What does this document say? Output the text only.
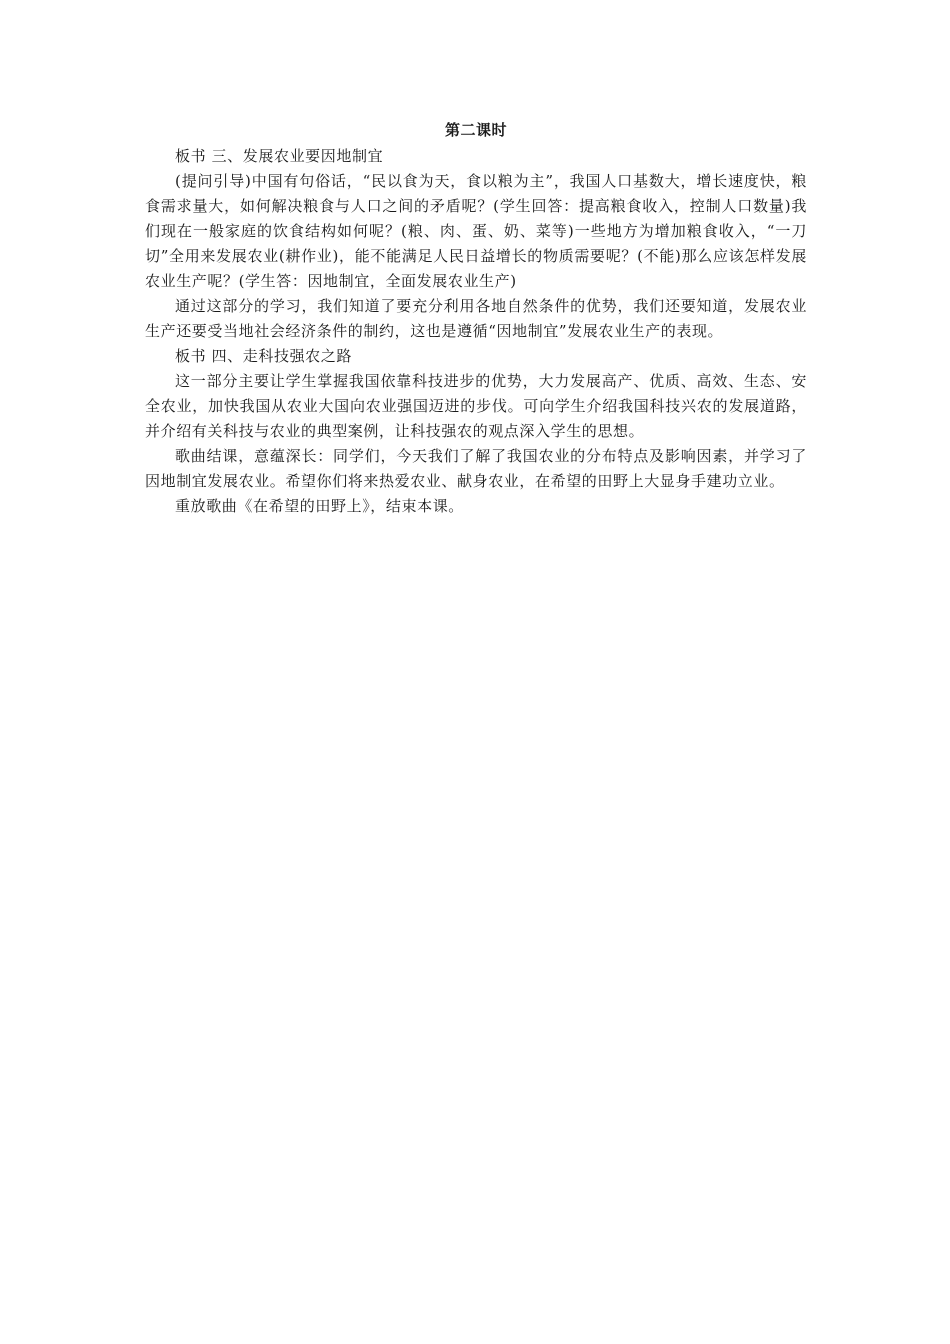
第二课时

板书 三、发展农业要因地制宜

(提问引导)中国有句俗话，“民以食为天，食以粮为主”，我国人口基数大，增长速度快，粮食需求量大，如何解决粮食与人口之间的矛盾呢？(学生回答：提高粮食收入，控制人口数量)我们现在一般家庭的饮食结构如何呢？(粮、肉、蛋、奶、菜等)一些地方为增加粮食收入，“一刀切”全用来发展农业(耕作业)，能不能满足人民日益增长的物质需要呢？(不能)那么应该怎样发展农业生产呢？(学生答：因地制宜，全面发展农业生产)

通过这部分的学习，我们知道了要充分利用各地自然条件的优势，我们还要知道，发展农业生产还要受当地社会经济条件的制约，这也是遵循“因地制宜”发展农业生产的表现。

板书 四、走科技强农之路

这一部分主要让学生掌握我国依靠科技进步的优势，大力发展高产、优质、高效、生态、安全农业，加快我国从农业大国向农业强国迈进的步伐。可向学生介绍我国科技兴农的发展道路，并介绍有关科技与农业的典型案例，让科技强农的观点深入学生的思想。

歌曲结课，意蕴深长：同学们，今天我们了解了我国农业的分布特点及影响因素，并学习了因地制宜发展农业。希望你们将来热爱农业、献身农业，在希望的田野上大显身手建功立业。

重放歌曲《在希望的田野上》，结束本课。
